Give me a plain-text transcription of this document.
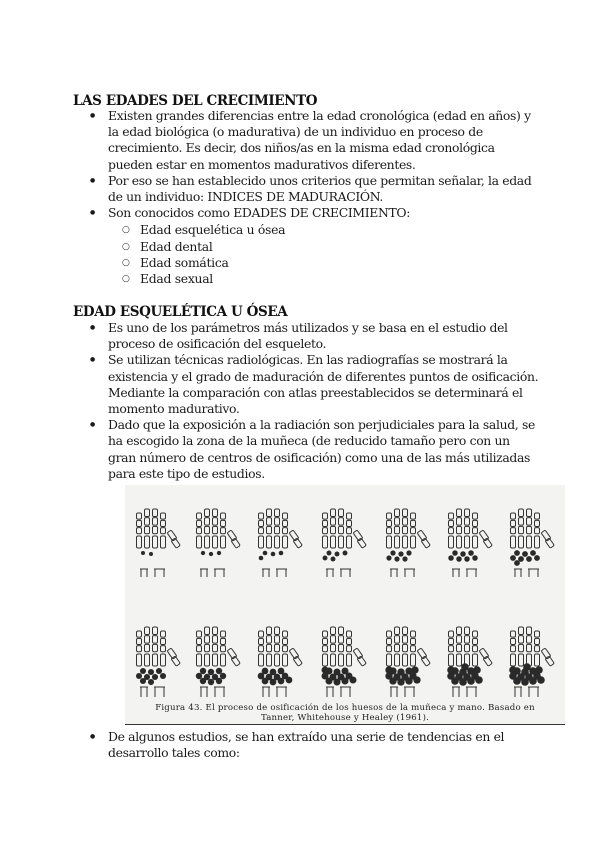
LAS EDADES DEL CRECIMIENTO
● Existen grandes diferencias entre la edad cronológica (edad en años) y la edad biológica (o madurativa) de un individuo en proceso de crecimiento. Es decir, dos niños/as en la misma edad cronológica pueden estar en momentos madurativos diferentes.
● Por eso se han establecido unos criterios que permitan señalar, la edad de un individuo: INDICES DE MADURACIÓN.
● Son conocidos como EDADES DE CRECIMIENTO:
○ Edad esquelética u ósea
○ Edad dental
○ Edad somática
○ Edad sexual
EDAD ESQUELÉTICA U ÓSEA
● Es uno de los parámetros más utilizados y se basa en el estudio del proceso de osificación del esqueleto.
● Se utilizan técnicas radiológicas. En las radiografías se mostrará la existencia y el grado de maduración de diferentes puntos de osificación. Mediante la comparación con atlas preestablecidos se determinará el momento madurativo.
● Dado que la exposición a la radiación son perjudiciales para la salud, se ha escogido la zona de la muñeca (de reducido tamaño pero con un gran número de centros de osificación) como una de las más utilizadas para este tipo de estudios.
Figura 43. El proceso de osificación de los huesos de la muñeca y mano. Basado en
Tanner, Whitehouse y Healey (1961).
● De algunos estudios, se han extraído una serie de tendencias en el desarrollo tales como:
